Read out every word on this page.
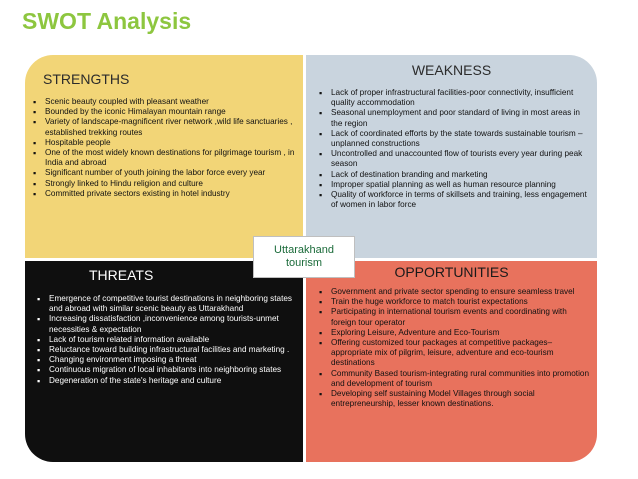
SWOT Analysis
STRENGTHS
▪ Scenic beauty coupled with pleasant weather
▪ Bounded by the iconic Himalayan mountain range
▪ Variety of landscape-magnificent river network ,wild life sanctuaries , established trekking routes
▪ Hospitable people
▪ One of the most widely known destinations for pilgrimage tourism , in India and abroad
▪ Significant number of youth joining the labor force every year
▪ Strongly linked to Hindu religion and culture
▪ Committed private sectors existing in hotel industry
WEAKNESS
▪ Lack of proper infrastructural facilities-poor connectivity, insufficient quality accommodation
▪ Seasonal unemployment and poor standard of living in most areas in the region
▪ Lack of coordinated efforts by the state towards sustainable tourism –unplanned constructions
▪ Uncontrolled and unaccounted flow of tourists every year during peak season
▪ Lack of destination branding and marketing
▪ Improper spatial planning as well as human resource planning
▪ Quality of workforce in terms of skillsets and training, less engagement of women in labor force
THREATS
▪ Emergence of competitive tourist destinations in neighboring states and abroad with similar scenic beauty as Uttarakhand
▪ Increasing dissatisfaction ,inconvenience among tourists-unmet necessities & expectation
▪ Lack of tourism related information available
▪ Reluctance toward building infrastructural facilities and marketing .
▪ Changing environment imposing a threat
▪ Continuous migration of local inhabitants into neighboring states
▪ Degeneration of the state's heritage and culture
OPPORTUNITIES
▪ Government and private sector spending to ensure seamless travel
▪ Train the huge workforce to match tourist expectations
▪ Participating in international tourism events and coordinating with foreign tour operator
▪ Exploring Leisure, Adventure and Eco-Tourism
▪ Offering customized tour packages at competitive packages–appropriate mix of pilgrim, leisure, adventure and eco-tourism destinations
▪ Community Based tourism-integrating rural communities into promotion and development of tourism
▪ Developing self sustaining Model Villages through social entrepreneurship, lesser known destinations.
Uttarakhand
tourism
